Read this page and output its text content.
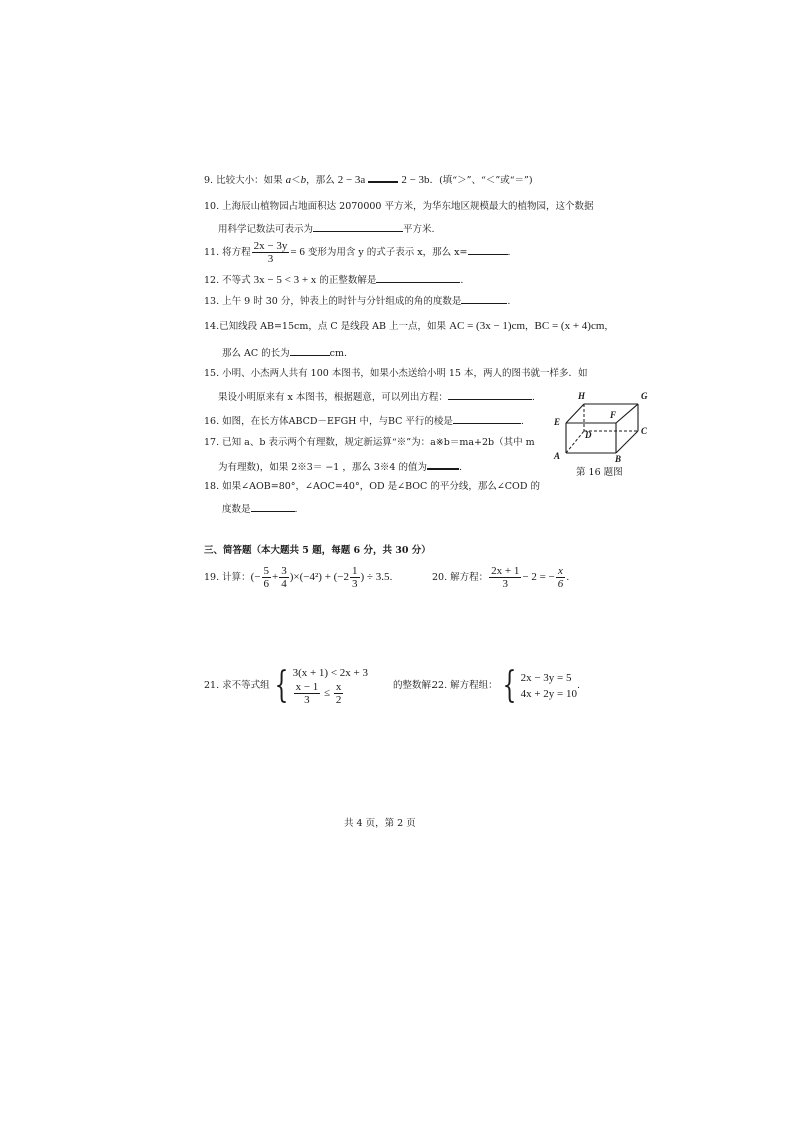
9. 比较大小：如果 a＜b，那么 2 − 3a	2 − 3b．(填“＞”、“＜”或“＝”)
10. 上海辰山植物园占地面积达 2070000 平方米，为华东地区规模最大的植物园，这个数据
用科学记数法可表示为	平方米.
11. 将方程 $\frac{2x - 3y}{3} = 6$ 变形为用含 y 的式子表示 x，那么 x=	.
12. 不等式 3x − 5 < 3 + x 的正整数解是	.
13. 上午 9 时 30 分，钟表上的时针与分针组成的角的度数是	.
14.已知线段 AB=15cm，点 C 是线段 AB 上一点，如果 AC = (3x − 1)cm，BC = (x + 4)cm，
那么 AC 的长为	cm.
15. 小明、小杰两人共有 100 本图书，如果小杰送给小明 15 本，两人的图书就一样多．如
果设小明原来有 x 本图书，根据题意，可以列出方程：	.
16. 如图，在长方体ABCD－EFGH 中，与BC 平行的棱是	.
17. 已知 a、b 表示两个有理数，规定新运算“※”为：a※b＝ma+2b（其中 m
为有理数)，如果 2※3＝ −1 ，那么 3※4 的值为	.
18. 如果∠AOB=80°，∠AOC=40°，OD 是∠BOC 的平分线，那么∠COD 的
度数是	.
H	G
E
F
D	C
A	B
第 16 题图
三、简答题（本大题共 5 题，每题 6 分，共 30 分）
19. 计算：(− $\frac{5}{6} + \frac{3}{4} )\times(-4^2) + (-2 \frac{1}{3}$ ) ÷ 3.5.	20. 解方程： $\frac{2x + 1}{3} - 2$ = − $\frac{x}{6}$ .
21. 求不等式组 { 3(x + 1) < 2x + 3
$\frac{x - 1}{3} \le \frac{x}{2}$	的整数解.
22. 解方程组： { 2x − 3y = 5
4x + 2y = 10
.
共 4 页，第 2 页
